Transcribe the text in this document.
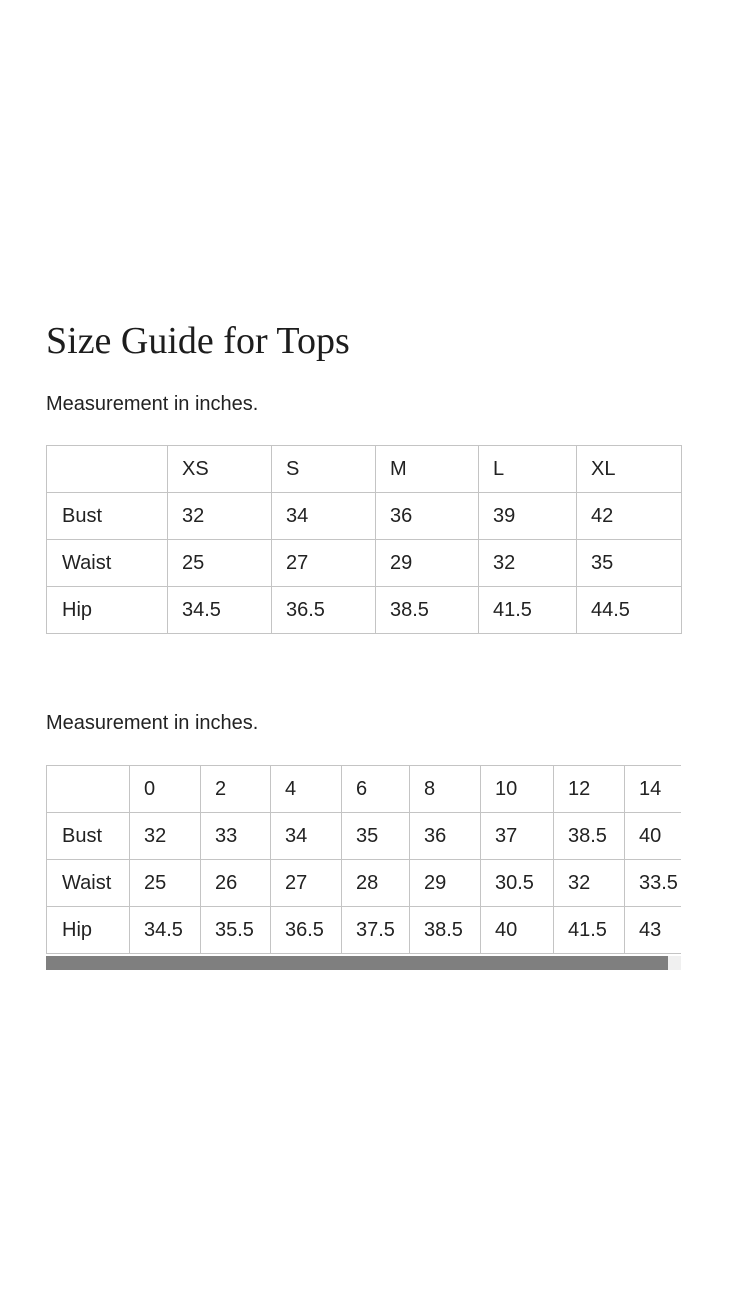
Size Guide for Tops

Measurement in inches.

	XS	S	M	L	XL
Bust	32	34	36	39	42
Waist	25	27	29	32	35
Hip	34.5	36.5	38.5	41.5	44.5

Measurement in inches.

	0	2	4	6	8	10	12	14
Bust	32	33	34	35	36	37	38.5	40
Waist	25	26	27	28	29	30.5	32	33.5
Hip	34.5	35.5	36.5	37.5	38.5	40	41.5	43
